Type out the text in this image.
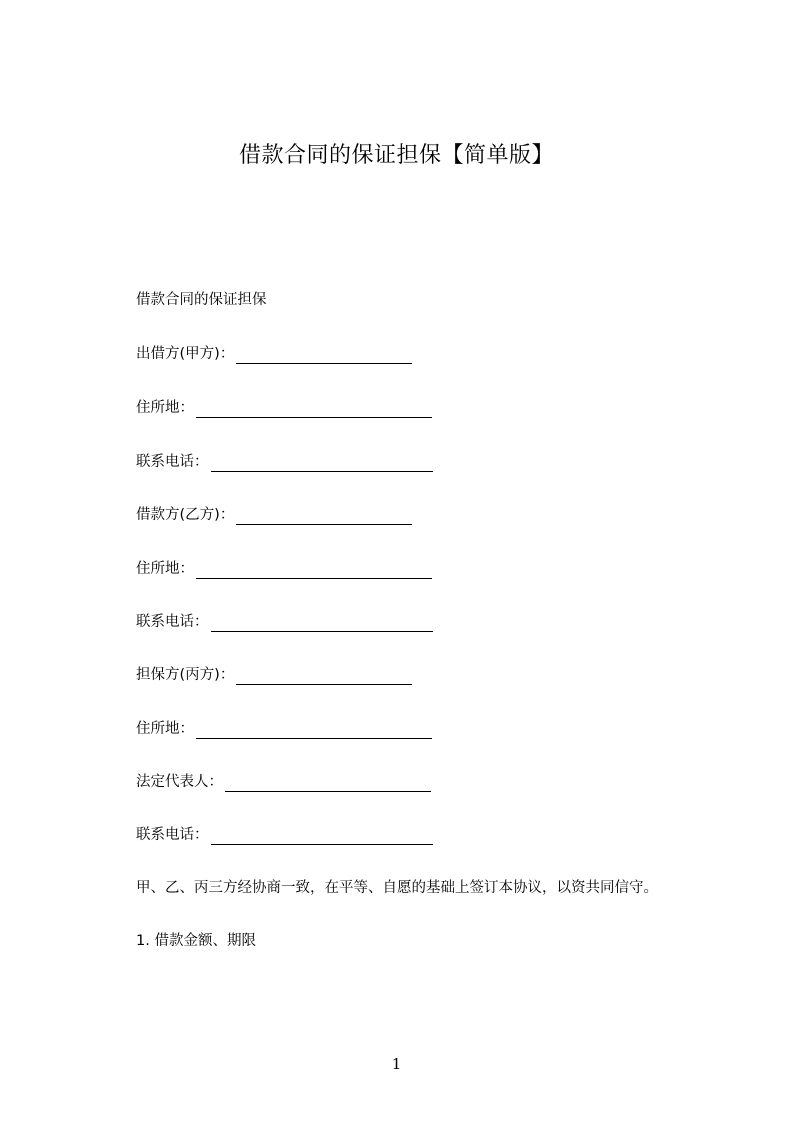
借款合同的保证担保【简单版】
借款合同的保证担保
出借方(甲方)：
住所地：
联系电话：
借款方(乙方)：
住所地：
联系电话：
担保方(丙方)：
住所地：
法定代表人：
联系电话：
甲、乙、丙三方经协商一致，在平等、自愿的基础上签订本协议，以资共同信守。
1. 借款金额、期限
1
